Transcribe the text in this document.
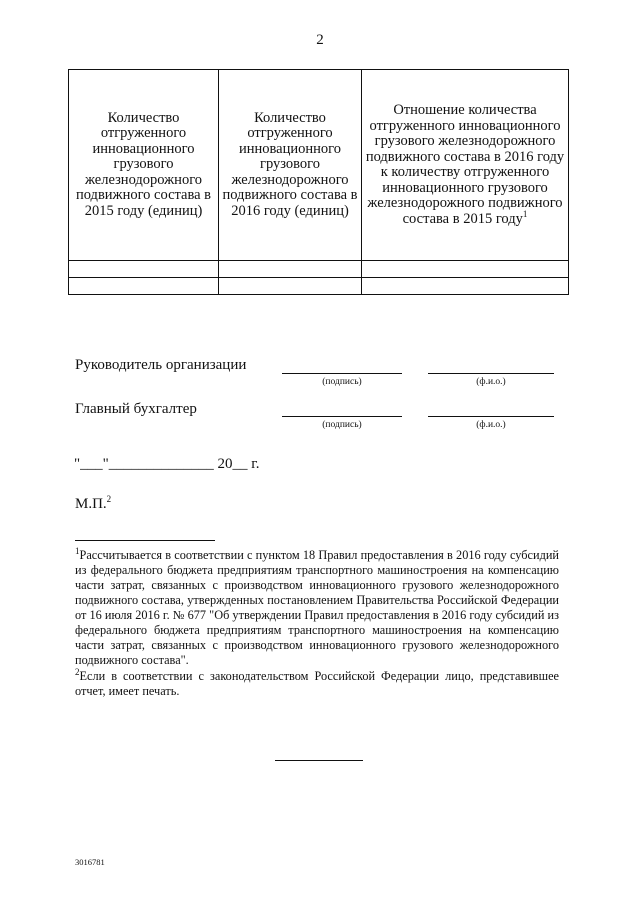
2
Количество отгруженного инновационного грузового железнодорожного подвижного состава в 2015 году (единиц)	Количество отгруженного инновационного грузового железнодорожного подвижного состава в 2016 году (единиц)	Отношение количества отгруженного инновационного грузового железнодорожного подвижного состава в 2016 году к количеству отгруженного инновационного грузового железнодорожного подвижного состава в 2015 году$^1$

Руководитель организации
(подпись)	(ф.и.о.)
Главный бухгалтер
(подпись)	(ф.и.о.)
"___"______________ 20__ г.
М.П.$^2$
$^1$Рассчитывается в соответствии с пунктом 18 Правил предоставления в 2016 году субсидий из федерального бюджета предприятиям транспортного машиностроения на компенсацию части затрат, связанных с производством инновационного грузового железнодорожного подвижного состава, утвержденных постановлением Правительства Российской Федерации от 16 июля 2016 г. № 677 "Об утверждении Правил предоставления в 2016 году субсидий из федерального бюджета предприятиям транспортного машиностроения на компенсацию части затрат, связанных с производством инновационного грузового железнодорожного подвижного состава".
$^2$Если в соответствии с законодательством Российской Федерации лицо, представившее отчет, имеет печать.
3016781
